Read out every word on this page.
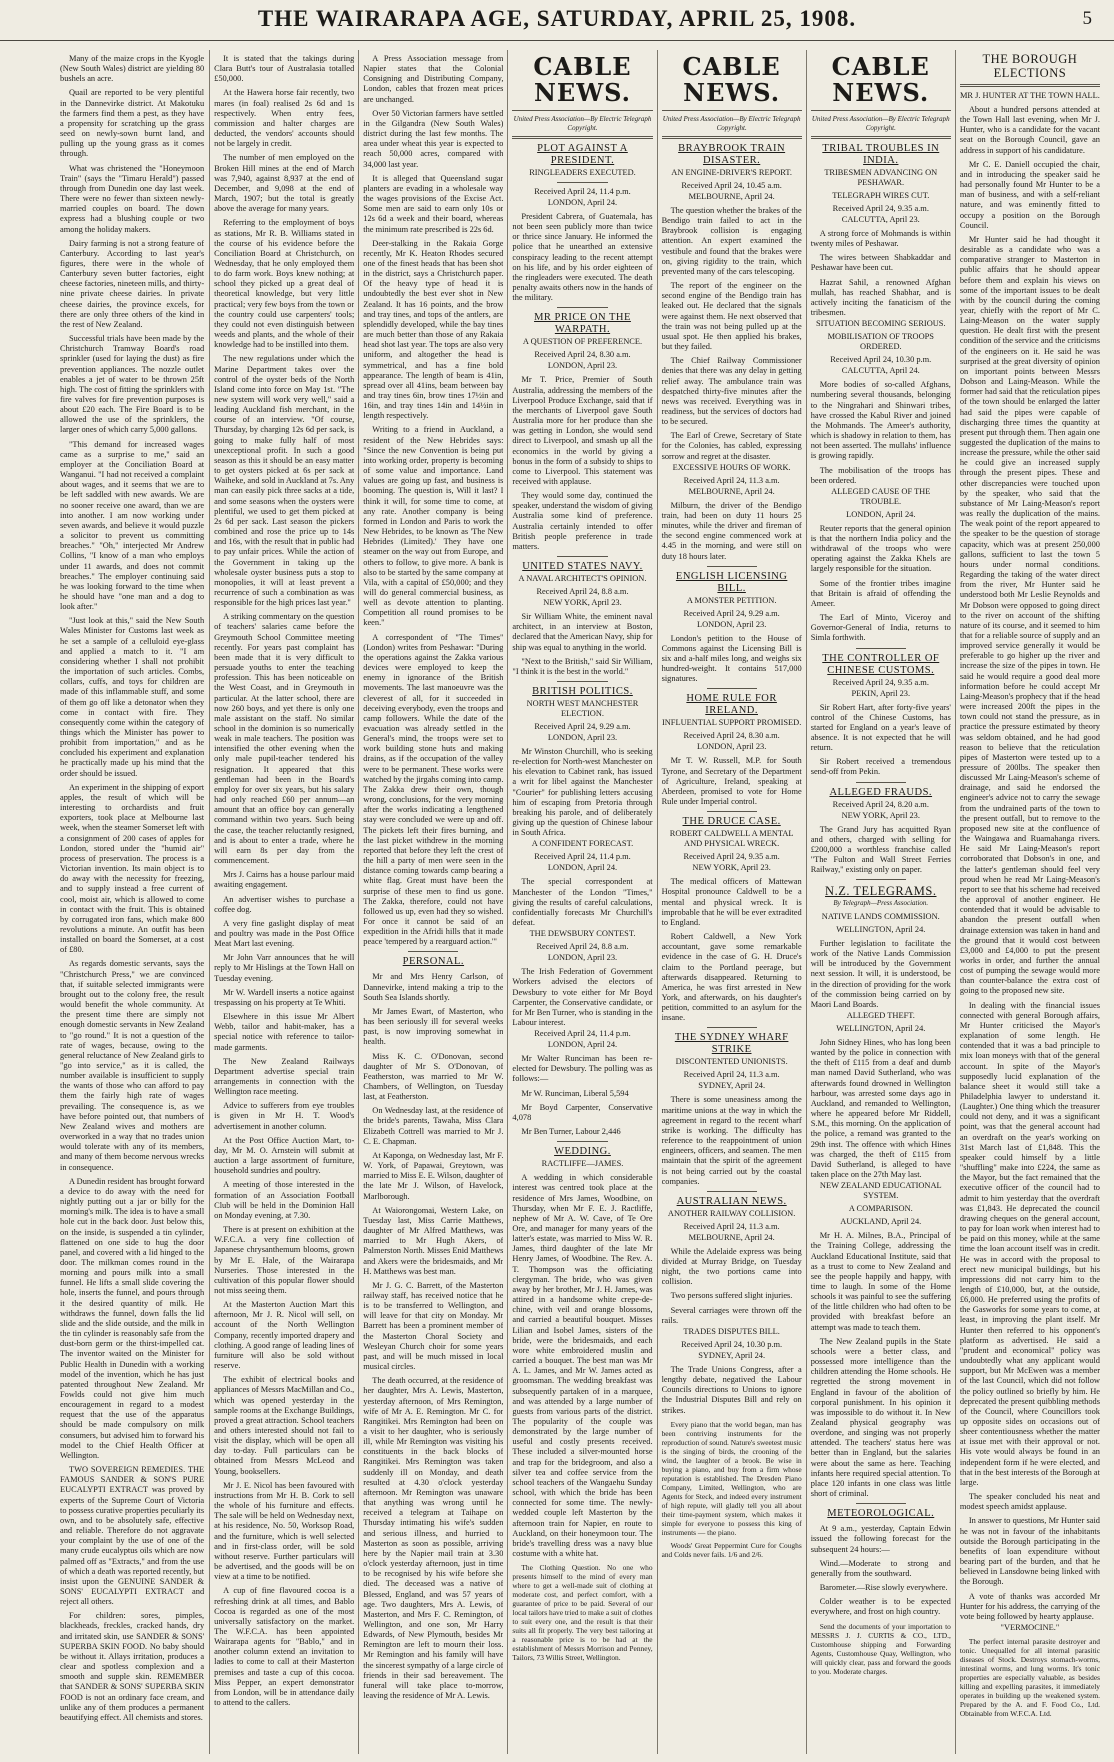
THE WAIRARAPA AGE, SATURDAY, APRIL 25, 1908.	5

Many of the maize crops in the Kyogle (New South Wales) district are yielding 80 bushels an acre.

Quail are reported to be very plentiful in the Dannevirke district. At Makotuku the farmers find them a pest, as they have a propensity for scratching up the grass seed on newly-sown burnt land, and pulling up the young grass as it comes through.

What was christened the "Honeymoon Train" (says the "Timaru Herald") passed through from Dunedin one day last week. There were no fewer than sixteen newly-married couples on board. The down express had a blushing couple or two among the holiday makers.

Dairy farming is not a strong feature of Canterbury. According to last year's figures, there were in the whole of Canterbury seven butter factories, eight cheese factories, nineteen mills, and thirty-nine private cheese dairies. In private cheese dairies, the province excels, for there are only three others of the kind in the rest of New Zealand.

Successful trials have been made by the Christchurch Tramway Board's road sprinkler (used for laying the dust) as fire prevention appliances. The nozzle outlet enables a jet of water to be thrown 25ft high. The cost of fitting the sprinklers with fire valves for fire prevention purposes is about £20 each. The Fire Board is to be allowed the use of the sprinklers, the larger ones of which carry 5,000 gallons.

"This demand for increased wages came as a surprise to me," said an employer at the Conciliation Board at Wanganui. "I had not received a complaint about wages, and it seems that we are to be left saddled with new awards. We are no sooner receive one award, than we are into another. I am now working under seven awards, and believe it would puzzle a solicitor to prevent us committing breaches." "Oh," interjected Mr Andrew Collins, "I know of a man who employs under 11 awards, and does not commit breaches." The employer continuing said he was looking forward to the time when he should have "one man and a dog to look after."

"Just look at this," said the New South Wales Minister for Customs last week as he set a sample of a celluloid eye-glass and applied a match to it. "I am considering whether I shall not prohibit the importation of such articles. Combs, collars, cuffs, and toys for children are made of this inflammable stuff, and some of them go off like a detonator when they come in contact with fire. They consequently come within the category of things which the Minister has power to prohibit from importation," and as he concluded his experiment and explanation he practically made up his mind that the order should be issued.

An experiment in the shipping of export apples, the result of which will be interesting to orchardists and fruit exporters, took place at Melbourne last week, when the steamer Somerset left with a consignment of 200 cases of apples for London, stored under the "humid air" process of preservation. The process is a Victorian invention. Its main object is to do away with the necessity for freezing, and to supply instead a free current of cool, moist air, which is allowed to come in contact with the fruit. This is obtained by corrugated iron fans, which make 800 revolutions a minute. An outfit has been installed on board the Somerset, at a cost of £80.

As regards domestic servants, says the "Christchurch Press," we are convinced that, if suitable selected immigrants were brought out to the colony free, the result would benefit the whole community. At the present time there are simply not enough domestic servants in New Zealand to "go round." It is not a question of the rate of wages, because, owing to the general reluctance of New Zealand girls to "go into service," as it is called, the number available is insufficient to supply the wants of those who can afford to pay them the fairly high rate of wages prevailing. The consequence is, as we have before pointed out, that numbers of New Zealand wives and mothers are overworked in a way that no trades union would tolerate with any of its members, and many of them become nervous wrecks in consequence.

A Dunedin resident has brought forward a device to do away with the need for nightly putting out a jar or billy for the morning's milk. The idea is to have a small hole cut in the back door. Just below this, on the inside, is suspended a tin cylinder, flattened on one side to hug the door panel, and covered with a lid hinged to the door. The milkman comes round in the morning and pours milk into a small funnel. He lifts a small slide covering the hole, inserts the funnel, and pours through it the desired quantity of milk. He withdraws the funnel, down falls the lid slide and the slide outside, and the milk in the tin cylinder is reasonably safe from the dust-born germ or the thirst-impelled cat. The inventor waited on the Minister for Public Health in Dunedin with a working model of the invention, which he has just patented throughout New Zealand. Mr Fowlds could not give him much encouragement in regard to a modest request that the use of the apparatus should be made compulsory on milk consumers, but advised him to forward his model to the Chief Health Officer at Wellington.

TWO SOVEREIGN REMEDIES. THE FAMOUS SANDER & SON'S PURE EUCALYPTI EXTRACT was proved by experts of the Supreme Court of Victoria to possess curative properties peculiarly its own, and to be absolutely safe, effective and reliable. Therefore do not aggravate your complaint by the use of one of the many crude eucalyptus oils which are now palmed off as "Extracts," and from the use of which a death was reported recently, but insist upon the GENUINE SANDER & SONS' EUCALYPTI EXTRACT and reject all others.

For children: sores, pimples, blackheads, freckles, cracked hands, dry and irritated skin, use SANDER & SONS' SUPERBA SKIN FOOD. No baby should be without it. Allays irritation, produces a clear and spotless complexion and a smooth and supple skin. REMEMBER that SANDER & SONS' SUPERBA SKIN FOOD is not an ordinary face cream, and unlike any of them produces a permanent beautifying effect. All chemists and stores.

It is stated that the takings during Clara Butt's tour of Australasia totalled £50,000.

At the Hawera horse fair recently, two mares (in foal) realised 2s 6d and 1s respectively. When entry fees, commission and halter charges are deducted, the vendors' accounts should not be largely in credit.

The number of men employed on the Broken Hill mines at the end of March was 7,940, against 8,937 at the end of December, and 9,098 at the end of March, 1907; but the total is greatly above the average for many years.

Referring to the employment of boys as stations, Mr R. B. Williams stated in the course of his evidence before the Conciliation Board at Christchurch, on Wednesday, that he only employed them to do farm work. Boys knew nothing; at school they picked up a great deal of theoretical knowledge, but very little practical; very few boys from the town or the country could use carpenters' tools; they could not even distinguish between weeds and plants, and the whole of their knowledge had to be instilled into them.

The new regulations under which the Marine Department takes over the control of the oyster beds of the North Island come into force on May 1st. "The new system will work very well," said a leading Auckland fish merchant, in the course of an interview. "Of course, Thursday, by charging 12s 6d per sack, is going to make fully half of most unexceptional profit. In such a good season as this it should be an easy matter to get oysters picked at 6s per sack at Waiheke, and sold in Auckland at 7s. Any man can easily pick three sacks at a tide, and some seasons when the oysters were plentiful, we used to get them picked at 2s 6d per sack. Last season the pickers combined and rose the price up to 14s and 16s, with the result that in public had to pay unfair prices. While the action of the Government in taking up the wholesale oyster business puts a stop to monopolies, it will at least prevent a recurrence of such a combination as was responsible for the high prices last year."

A striking commentary on the question of teachers' salaries came before the Greymouth School Committee meeting recently. For years past complaint has been made that it is very difficult to persuade youths to enter the teaching profession. This has been noticeable on the West Coast, and in Greymouth in particular. At the latter school, there are now 260 boys, and yet there is only one male assistant on the staff. No similar school in the dominion is so numerically weak in male teachers. The position was intensified the other evening when the only male pupil-teacher tendered his resignation. It appeared that this gentleman had been in the Board's employ for over six years, but his salary had only reached £60 per annum—an amount that an office boy can generally command within two years. Such being the case, the teacher reluctantly resigned, and is about to enter a trade, where he will earn 8s per day from the commencement.

Mrs J. Cairns has a house parlour maid awaiting engagement.

An advertiser wishes to purchase a coffee dog.

A very fine gaslight display of meat and poultry was made in the Post Office Meat Mart last evening.

Mr John Varr announces that he will reply to Mr Hislings at the Town Hall on Tuesday evening.

Mr W. Wardell inserts a notice against trespassing on his property at Te Whiti.

Elsewhere in this issue Mr Albert Webb, tailor and habit-maker, has a special notice with reference to tailor-made garments.

The New Zealand Railways Department advertise special train arrangements in connection with the Wellington race meeting.

Advice to sufferers from eye troubles is given in Mr H. T. Wood's advertisement in another column.

At the Post Office Auction Mart, to-day, Mr M. O. Arnstein will submit at auction a large assortment of furniture, household sundries and poultry.

A meeting of those interested in the formation of an Association Football Club will be held in the Dominion Hall on Monday evening, at 7.30.

There is at present on exhibition at the W.F.C.A. a very fine collection of Japanese chrysanthemum blooms, grown by Mr E. Hale, of the Wairarapa Nurseries. Those interested in the cultivation of this popular flower should not miss seeing them.

At the Masterton Auction Mart this afternoon, Mr J. R. Nicol will sell, on account of the North Wellington Company, recently imported drapery and clothing. A good range of leading lines of furniture will also be sold without reserve.

The exhibit of electrical books and appliances of Messrs MacMillan and Co., which was opened yesterday in the sample rooms at the Exchange Buildings, proved a great attraction. School teachers and others interested should not fail to visit the display, which will be open all day to-day. Full particulars can be obtained from Messrs McLeod and Young, booksellers.

Mr J. E. Nicol has been favoured with instructions from Mr H. B. Cork to sell the whole of his furniture and effects. The sale will be held on Wednesday next, at his residence, No. 50, Worksop Road, and the furniture, which is well selected and in first-class order, will be sold without reserve. Further particulars will be advertised, and the goods will be on view at a time to be notified.

A cup of fine flavoured cocoa is a refreshing drink at all times, and Bablo Cocoa is regarded as one of the most universally satisfactory on the market. The W.F.C.A. has been appointed Wairarapa agents for "Bablo," and in another column extend an invitation to ladies to come to call at their Masterton premises and taste a cup of this cocoa. Miss Pepper, an expert demonstrator from London, will be in attendance daily to attend to the callers.

A Press Association message from Napier states that the Colonial Consigning and Distributing Company, London, cables that frozen meat prices are unchanged.

Over 50 Victorian farmers have settled in the Gilgandra (New South Wales) district during the last few months. The area under wheat this year is expected to reach 50,000 acres, compared with 34,000 last year.

It is alleged that Queensland sugar planters are evading in a wholesale way the wages provisions of the Excise Act. Some men are said to earn only 10s or 12s 6d a week and their board, whereas the minimum rate prescribed is 22s 6d.

Deer-stalking in the Rakaia Gorge recently, Mr K. Heaton Rhodes secured one of the finest heads that has been shot in the district, says a Christchurch paper. Of the heavy type of head it is undoubtedly the best ever shot in New Zealand. It has 16 points, and the brow and tray tines, and tops of the antlers, are splendidly developed, while the bay tines are much better than those of any Rakaia head shot last year. The tops are also very uniform, and altogether the head is symmetrical, and has a fine bold appearance. The length of beam is 41in, spread over all 41ins, beam between bay and tray tines 6in, brow tines 17½in and 16in, and tray tines 14in and 14½in in length respectively.

Writing to a friend in Auckland, a resident of the New Hebrides says: "Since the new Convention is being put into working order, property is becoming of some value and importance. Land values are going up fast, and business is booming. The question is, Will it last? I think it will, for some time to come, at any rate. Another company is being formed in London and Paris to work the New Hebrides, to be known as 'The New Hebrides (Limited).' They have one steamer on the way out from Europe, and others to follow, to give more. A bank is also to be started by the same company at Vila, with a capital of £50,000; and they will do general commercial business, as well as devote attention to planting. Competition all round promises to be keen."

A correspondent of "The Times" (London) writes from Peshawar: "During the operations against the Zakka various devices were employed to keep the enemy in ignorance of the British movements. The last manoeuvre was the cleverest of all, for it succeeded in deceiving everybody, even the troops and camp followers. While the date of the evacuation was already settled in the General's mind, the troops were set to work building stone huts and making drains, as if the occupation of the valley were to be permanent. These works were watched by the jirgahs coming into camp. The Zakka drew their own, though wrong, conclusions, for the very morning after the works indicating a lengthened stay were concluded we were up and off. The pickets left their fires burning, and the last picket withdrew in the morning reported that before they left the crest of the hill a party of men were seen in the distance coming towards camp bearing a white flag. Great must have been the surprise of these men to find us gone. The Zakka, therefore, could not have followed us up, even had they so wished. For once it cannot be said of an expedition in the Afridi hills that it made peace 'tempered by a rearguard action.'"

PERSONAL.

Mr and Mrs Henry Carlson, of Dannevirke, intend making a trip to the South Sea Islands shortly.

Mr James Ewart, of Masterton, who has been seriously ill for several weeks past, is now improving somewhat in health.

Miss K. C. O'Donovan, second daughter of Mr S. O'Donovan, of Featherston, was married to Mr W. Chambers, of Wellington, on Tuesday last, at Featherston.

On Wednesday last, at the residence of the bride's parents, Tawaha, Miss Clara Elizabeth Cottrell was married to Mr J. C. E. Chapman.

At Kaponga, on Wednesday last, Mr F. W. York, of Papawai, Greytown, was married to Miss E. E. Wilson, daughter of the late Mr J. Wilson, of Havelock, Marlborough.

At Waiorongomai, Western Lake, on Tuesday last, Miss Carrie Matthews, daughter of Mr Alfred Matthews, was married to Mr Hugh Akers, of Palmerston North. Misses Enid Matthews and Akers were the bridesmaids, and Mr H. Matthews was best man.

Mr J. G. C. Barrett, of the Masterton railway staff, has received notice that he is to be transferred to Wellington, and will leave for that city on Monday. Mr Barrett has been a prominent member of the Masterton Choral Society and Wesleyan Church choir for some years past, and will be much missed in local musical circles.

The death occurred, at the residence of her daughter, Mrs A. Lewis, Masterton, yesterday afternoon, of Mrs Remington, wife of Mr A. E. Remington. Mr C. for Rangitikei. Mrs Remington had been on a visit to her daughter, who is seriously ill, while Mr Remington was visiting his constituents in the back blocks of Rangitikei. Mrs Remington was taken suddenly ill on Monday, and death resulted at 4.30 o'clock yesterday afternoon. Mr Remington was unaware that anything was wrong until he received a telegram at Taihape on Thursday intimating his wife's sudden and serious illness, and hurried to Masterton as soon as possible, arriving here by the Napier mail train at 3.30 o'clock yesterday afternoon, just in time to be recognised by his wife before she died. The deceased was a native of Blessed, England, and was 57 years of age. Two daughters, Mrs A. Lewis, of Masterton, and Mrs F. C. Remington, of Wellington, and one son, Mr Harry Edwards, of New Plymouth, besides Mr Remington are left to mourn their loss. Mr Remington and his family will have the sincerest sympathy of a large circle of friends in their sad bereavement. The funeral will take place to-morrow, leaving the residence of Mr A. Lewis.

CABLE NEWS.
United Press Association—By Electric Telegraph Copyright.
PLOT AGAINST A PRESIDENT.
RINGLEADERS EXECUTED.
Received April 24, 11.4 p.m.
LONDON, April 24.

President Cabrera, of Guatemala, has not been seen publicly more than twice or thrice since January. He informed the police that he unearthed an extensive conspiracy leading to the recent attempt on his life, and by his order eighteen of the ringleaders were executed. The death penalty awaits others now in the hands of the military.

MR PRICE ON THE WARPATH.
A QUESTION OF PREFERENCE.
Received April 24, 8.30 a.m.
LONDON, April 23.

Mr T. Price, Premier of South Australia, addressing the members of the Liverpool Produce Exchange, said that if the merchants of Liverpool gave South Australia more for her produce than she was getting in London, she would send direct to Liverpool, and smash up all the economics in the world by giving a bonus in the form of a subsidy to ships to come to Liverpool. This statement was received with applause.

They would some day, continued the speaker, understand the wisdom of giving Australia some kind of preference. Australia certainly intended to offer British people preference in trade matters.

UNITED STATES NAVY.
A NAVAL ARCHITECT'S OPINION.
Received April 24, 8.8 a.m.
NEW YORK, April 23.

Sir William White, the eminent naval architect, in an interview at Boston, declared that the American Navy, ship for ship was equal to anything in the world.

"Next to the British," said Sir William, "I think it is the best in the world."

BRITISH POLITICS.
NORTH WEST MANCHESTER ELECTION.
Received April 24, 9.29 a.m.
LONDON, April 23.

Mr Winston Churchill, who is seeking re-election for North-west Manchester on his elevation to Cabinet rank, has issued a writ for libel against the Manchester "Courier" for publishing letters accusing him of escaping from Pretoria through breaking his parole, and of deliberately giving up the question of Chinese labour in South Africa.

A CONFIDENT FORECAST.
Received April 24, 11.4 p.m.
LONDON, April 24.

The special correspondent at Manchester of the London "Times," giving the results of careful calculations, confidentially forecasts Mr Churchill's defeat.

THE DEWSBURY CONTEST.
Received April 24, 8.8 a.m.
LONDON, April 23.

The Irish Federation of Government Workers advised the electors of Dewsbury to vote either for Mr Boyd Carpenter, the Conservative candidate, or for Mr Ben Turner, who is standing in the Labour interest.

Received April 24, 11.4 p.m.
LONDON, April 24.

Mr Walter Runciman has been re-elected for Dewsbury. The polling was as follows:—

Mr W. Runciman, Liberal 5,594

Mr Boyd Carpenter, Conservative 4,078

Mr Ben Turner, Labour 2,446

WEDDING.
RACTLIFFE—JAMES.

A wedding in which considerable interest was centred took place at the residence of Mrs James, Woodbine, on Thursday, when Mr F. E. J. Ractliffe, nephew of Mr A. W. Cave, of Te Ore Ore, and manager for many years of the latter's estate, was married to Miss W. R. James, third daughter of the late Mr Henry James, of Woodbine. The Rev. A. T. Thompson was the officiating clergyman. The bride, who was given away by her brother, Mr J. H. James, was attired in a handsome white crepe-de-chine, with veil and orange blossoms, and carried a beautiful bouquet. Misses Lilian and Isobel James, sisters of the bride, were the bridesmaids, and each wore white embroidered muslin and carried a bouquet. The best man was Mr A. L. James, and Mr W. James acted as groomsman. The wedding breakfast was subsequently partaken of in a marquee, and was attended by a large number of guests from various parts of the district. The popularity of the couple was demonstrated by the large number of useful and costly presents received. These included a silver-mounted horse and trap for the bridegroom, and also a silver tea and coffee service from the school teachers of the Wangaehu Sunday school, with which the bride has been connected for some time. The newly-wedded couple left Masterton by the afternoon train for Napier, en route to Auckland, on their honeymoon tour. The bride's travelling dress was a navy blue costume with a white hat.

The Clothing Question. No one who presents himself to the mind of every man where to get a well-made suit of clothing at moderate cost, and perfect comfort, with a guarantee of price to be paid. Several of our local tailors have tried to make a suit of clothes to suit every one, and the result is that their suits all fit properly. The very best tailoring at a reasonable price is to be had at the establishment of Messrs Morrison and Penney, Tailors, 73 Willis Street, Wellington.

CABLE NEWS.
United Press Association—By Electric Telegraph Copyright.
BRAYBROOK TRAIN DISASTER.
AN ENGINE-DRIVER'S REPORT.
Received April 24, 10.45 a.m.
MELBOURNE, April 24.

The question whether the brakes of the Bendigo train failed to act in the Braybrook collision is engaging attention. An expert examined the vestibule and found that the brakes were on, giving rigidity to the train, which prevented many of the cars telescoping.

The report of the engineer on the second engine of the Bendigo train has leaked out. He declared that the signals were against them. He next observed that the train was not being pulled up at the usual spot. He then applied his brakes, but they failed.

The Chief Railway Commissioner denies that there was any delay in getting relief away. The ambulance train was despatched thirty-five minutes after the news was received. Everything was in readiness, but the services of doctors had to be secured.

The Earl of Crewe, Secretary of State for the Colonies, has cabled, expressing sorrow and regret at the disaster.

EXCESSIVE HOURS OF WORK.
Received April 24, 11.3 a.m.
MELBOURNE, April 24.

Milburn, the driver of the Bendigo train, had been on duty 11 hours 25 minutes, while the driver and fireman of the second engine commenced work at 4.45 in the morning, and were still on duty 18 hours later.

ENGLISH LICENSING BILL.
A MONSTER PETITION.
Received April 24, 9.29 a.m.
LONDON, April 23.

London's petition to the House of Commons against the Licensing Bill is six and a-half miles long, and weighs six hundred-weight. It contains 517,000 signatures.

HOME RULE FOR IRELAND.
INFLUENTIAL SUPPORT PROMISED.
Received April 24, 8.30 a.m.
LONDON, April 23.

Mr T. W. Russell, M.P. for South Tyrone, and Secretary of the Department of Agriculture, Ireland, speaking at Aberdeen, promised to vote for Home Rule under Imperial control.

THE DRUCE CASE.
ROBERT CALDWELL A MENTAL AND PHYSICAL WRECK.
Received April 24, 9.35 a.m.
NEW YORK, April 23.

The medical officers of Mattewan Hospital pronounce Caldwell to be a mental and physical wreck. It is improbable that he will be ever extradited to England.

Robert Caldwell, a New York accountant, gave some remarkable evidence in the case of G. H. Druce's claim to the Portland peerage, but afterwards disappeared. Returning to America, he was first arrested in New York, and afterwards, on his daughter's petition, committed to an asylum for the insane.

THE SYDNEY WHARF STRIKE
DISCONTENTED UNIONISTS.
Received April 24, 11.3 a.m.
SYDNEY, April 24.

There is some uneasiness among the maritime unions at the way in which the agreement in regard to the recent wharf strike is working. The difficulty has reference to the reappointment of union engineers, officers, and seamen. The men maintain that the spirit of the agreement is not being carried out by the coastal companies.

AUSTRALIAN NEWS.
ANOTHER RAILWAY COLLISION.
Received April 24, 11.3 a.m.
MELBOURNE, April 24.

While the Adelaide express was being divided at Murray Bridge, on Tuesday night, the two portions came into collision.

Two persons suffered slight injuries.

Several carriages were thrown off the rails.

TRADES DISPUTES BILL.
Received April 24, 10.30 p.m.
SYDNEY, April 24.

The Trade Unions Congress, after a lengthy debate, negatived the Labour Councils directions to Unions to ignore the Industrial Disputes Bill and rely on strikes.

Every piano that the world began, man has been contriving instruments for the reproduction of sound. Nature's sweetest music is the singing of birds, the crooning of the wind, the laughter of a brook. Be wise in buying a piano, and buy from a firm whose reputation is established. The Dresden Piano Company, Limited, Wellington, who are Agents for Steck, and indeed every instrument of high repute, will gladly tell you all about their time-payment system, which makes it simple for everyone to possess this king of instruments — the piano.

Woods' Great Peppermint Cure for Coughs and Colds never fails. 1/6 and 2/6.

CABLE NEWS.
United Press Association—By Electric Telegraph Copyright.
TRIBAL TROUBLES IN INDIA.
TRIBESMEN ADVANCING ON PESHAWAR.
TELEGRAPH WIRES CUT.
Received April 24, 9.35 a.m.
CALCUTTA, April 23.

A strong force of Mohmands is within twenty miles of Peshawar.

The wires between Shabkaddar and Peshawar have been cut.

Hazrat Sahil, a renowned Afghan mullah, has reached Shabhar, and is actively inciting the fanaticism of the tribesmen.

SITUATION BECOMING SERIOUS.
MOBILISATION OF TROOPS ORDERED.
Received April 24, 10.30 p.m.
CALCUTTA, April 24.

More bodies of so-called Afghans, numbering several thousands, belonging to the Ningrahari and Shinwari tribes, have crossed the Kabul River and joined the Mohmands. The Ameer's authority, which is shadowy in relation to them, has not been asserted. The mullahs' influence is growing rapidly.

The mobilisation of the troops has been ordered.

ALLEGED CAUSE OF THE TROUBLE.
LONDON, April 24.

Reuter reports that the general opinion is that the northern India policy and the withdrawal of the troops who were operating against the Zakka Khels are largely responsible for the situation.

Some of the frontier tribes imagine that Britain is afraid of offending the Ameer.

The Earl of Minto, Viceroy and Governor-General of India, returns to Simla forthwith.

THE CONTROLLER OF CHINESE CUSTOMS.
Received April 24, 9.35 a.m.
PEKIN, April 23.

Sir Robert Hart, after forty-five years' control of the Chinese Customs, has started for England on a year's leave of absence. It is not expected that he will return.

Sir Robert received a tremendous send-off from Pekin.

ALLEGED FRAUDS.
Received April 24, 8.20 a.m.
NEW YORK, April 23.

The Grand Jury has acquitted Ryan and others, charged with selling for £200,000 a worthless franchise called "The Fulton and Wall Street Ferries Railway," existing only on paper.

N.Z. TELEGRAMS.
By Telegraph—Press Association.
NATIVE LANDS COMMISSION.
WELLINGTON, April 24.

Further legislation to facilitate the work of the Native Lands Commission will be introduced by the Government next session. It will, it is understood, be in the direction of providing for the work of the commission being carried on by Maori Land Boards.

ALLEGED THEFT.
WELLINGTON, April 24.

John Sidney Hines, who has long been wanted by the police in connection with the theft of £115 from a deaf and dumb man named David Sutherland, who was afterwards found drowned in Wellington harbour, was arrested some days ago in Auckland, and remanded to Wellington, where he appeared before Mr Riddell, S.M., this morning. On the application of the police, a remand was granted to the 29th inst. The offence with which Hines was charged, the theft of £115 from David Sutherland, is alleged to have taken place on the 27th May last.

NEW ZEALAND EDUCATIONAL SYSTEM.
A COMPARISON.
AUCKLAND, April 24.

Mr H. A. Milnes, B.A., Principal of the Training College, addressing the Auckland Educational Institute, said that as a trust to come to New Zealand and see the people happily and happy, with time to laugh. In some of the Home schools it was painful to see the suffering of the little children who had often to be provided with breakfast before an attempt was made to teach them.

The New Zealand pupils in the State schools were a better class, and possessed more intelligence than the children attending the Home schools. He regretted the strong movement in England in favour of the abolition of corporal punishment. In his opinion it was impossible to do without it. In New Zealand physical geography was overdone, and singing was not properly attended. The teachers' status here was better than in England, but the salaries were about the same as here. Teaching infants here required special attention. To place 120 infants in one class was little short of criminal.

METEOROLOGICAL.

At 9 a.m., yesterday, Captain Edwin issued the following forecast for the subsequent 24 hours:—

Wind.—Moderate to strong and generally from the southward.

Barometer.—Rise slowly everywhere.

Colder weather is to be expected everywhere, and frost on high country.

Send the documents of your importation to MESSRS J. J. CURTIS & CO., LTD., Customhouse shipping and Forwarding Agents, Customhouse Quay, Wellington, who will quickly clear, pass and forward the goods to you. Moderate charges.

THE BOROUGH ELECTIONS
MR J. HUNTER AT THE TOWN HALL.

About a hundred persons attended at the Town Hall last evening, when Mr J. Hunter, who is a candidate for the vacant seat on the Borough Council, gave an address in support of his candidature.

Mr C. E. Daniell occupied the chair, and in introducing the speaker said he had personally found Mr Hunter to be a man of business, and with a self-reliant nature, and was eminently fitted to occupy a position on the Borough Council.

Mr Hunter said he had thought it desirable as a candidate who was a comparative stranger to Masterton in public affairs that he should appear before them and explain his views on some of the important issues to be dealt with by the council during the coming year, chiefly with the report of Mr C. Laing-Meason on the water supply question. He dealt first with the present condition of the service and the criticisms of the engineers on it. He said he was surprised at the great diversity of opinion on important points between Messrs Dobson and Laing-Meason. While the former had said that the reticulation pipes of the town should be enlarged the latter had said the pipes were capable of discharging three times the quantity at present put through them. Then again one suggested the duplication of the mains to increase the pressure, while the other said he could give an increased supply through the present pipes. These and other discrepancies were touched upon by the speaker, who said that the substance of Mr Laing-Meason's report was really the duplication of the mains. The weak point of the report appeared to the speaker to be the question of storage capacity, which was at present 250,000 gallons, sufficient to last the town 5 hours under normal conditions. Regarding the taking of the water direct from the river, Mr Hunter said he understood both Mr Leslie Reynolds and Mr Dobson were opposed to going direct to the river on account of the shifting nature of its course, and it seemed to him that for a reliable source of supply and an improved service generally it would be preferable to go higher up the river and increase the size of the pipes in town. He said he would require a good deal more information before he could accept Mr Laing-Meason's prophecy that if the head were increased 200ft the pipes in the town could not stand the pressure, as in practice the pressure estimated by theory was seldom obtained, and he had good reason to believe that the reticulation pipes of Masterton were tested up to a pressure of 200lbs. The speaker then discussed Mr Laing-Meason's scheme of drainage, and said he endorsed the engineer's advice not to carry the sewage from the undrained parts of the town to the present outfall, but to remove to the proposed new site at the confluence of the Waingawa and Ruamahanga rivers. He said Mr Laing-Meason's report corroborated that Dobson's in one, and the latter's gentleman should feel very proud when he read Mr Laing-Meason's report to see that his scheme had received the approval of another engineer. He contended that it would be advisable to abandon the present outfall when drainage extension was taken in hand and the ground that it would cost between £3,000 and £4,000 to put the present works in order, and further the annual cost of pumping the sewage would more than counter-balance the extra cost of going to the proposed new site.

In dealing with the financial issues connected with general Borough affairs, Mr Hunter criticised the Mayor's explanation of some length. He contended that it was a bad principle to mix loan moneys with that of the general account. In spite of the Mayor's supposedly lucid explanation of the balance sheet it would still take a Philadelphia lawyer to understand it. (Laughter.) One thing which the treasurer could not deny, and it was a significant point, was that the general account had an overdraft on the year's working on 31st March last of £1,848. This the speaker could himself by a little "shuffling" make into £224, the same as the Mayor, but the fact remained that the executive officer of the council had to admit to him yesterday that the overdraft was £1,843. He deprecated the council drawing cheques on the general account, to pay for loan work when interest had to be paid on this money, while at the same time the loan account itself was in credit. He was in accord with the proposal to erect new municipal buildings, but his impressions did not carry him to the length of £10,000, but, at the outside, £6,000. He preferred using the profits of the Gasworks for some years to come, at least, in improving the plant itself. Mr Hunter then referred to his opponent's platform as advertised. He said a "prudent and economical" policy was undoubtedly what any applicant would support, but Mr McEwen was a member of the last Council, which did not follow the policy outlined so briefly by him. He deprecated the present quibbling methods of the Council, where Councillors took up opposite sides on occasions out of sheer contentiousness whether the matter at issue met with their approval or not. His vote would always be found in an independent form if he were elected, and that in the best interests of the Borough at large.

The speaker concluded his neat and modest speech amidst applause.

In answer to questions, Mr Hunter said he was not in favour of the inhabitants outside the Borough participating in the benefits of loan expenditure without bearing part of the burden, and that he believed in Lansdowne being linked with the Borough.

A vote of thanks was accorded Mr Hunter for his address, the carrying of the vote being followed by hearty applause.

"VERMOCINE."

The perfect internal parasite destroyer and tonic. Unequalled for all internal parasitic diseases of Stock. Destroys stomach-worms, intestinal worms, and lung worms. It's tonic properties are especially valuable, as besides killing and expelling parasites, it immediately operates in building up the weakened system. Prepared by the A. and F. Food Co., Ltd. Obtainable from W.F.C.A. Ltd.
